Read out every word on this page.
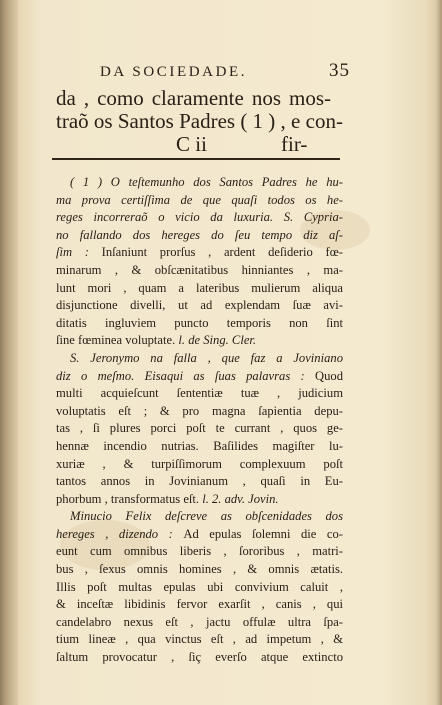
DA SOCIEDADE.	35
da , como claramente nos mos-
traõ os Santos Padres ( 1 ) , e con-
C ii	fir-
( 1 ) O teſtemunho dos Santos Padres he hu-
ma prova certiſſima de que quaſi todos os he-
reges incorreraõ o vicio da luxuria. S. Cypria-
no fallando dos hereges do ſeu tempo diz aſ-
ſim : Inſaniunt prorſus , ardent deſiderio fœ-
minarum , & obſcænitatibus hinniantes , ma-
lunt mori , quam a lateribus mulierum aliqua
disjunctione divelli, ut ad explendam ſuæ avi-
ditatis ingluviem puncto temporis non ſint
ſine fœminea voluptate. l. de Sing. Cler.
S. Jeronymo na falla , que faz a Joviniano
diz o meſmo. Eisaqui as ſuas palavras : Quod
multi acquieſcunt ſententiæ tuæ , judicium
voluptatis eſt ; & pro magna ſapientia depu-
tas , ſi plures porci poſt te currant , quos ge-
hennæ incendio nutrias. Baſilides magiſter lu-
xuriæ , & turpiſſimorum complexuum poſt
tantos annos in Jovinianum , quaſi in Eu-
phorbum , transformatus eſt. l. 2. adv. Jovin.
Minucio Felix deſcreve as obſcenidades dos
hereges , dizendo : Ad epulas ſolemni die co-
eunt cum omnibus liberis , ſororibus , matri-
bus , ſexus omnis homines , & omnis ætatis.
Illis poſt multas epulas ubi convivium caluit ,
& inceſtæ libidinis fervor exarſit , canis , qui
candelabro nexus eſt , jactu offulæ ultra ſpa-
tium lineæ , qua vinctus eſt , ad impetum , &
ſaltum provocatur , ſiç everſo atque extincto
